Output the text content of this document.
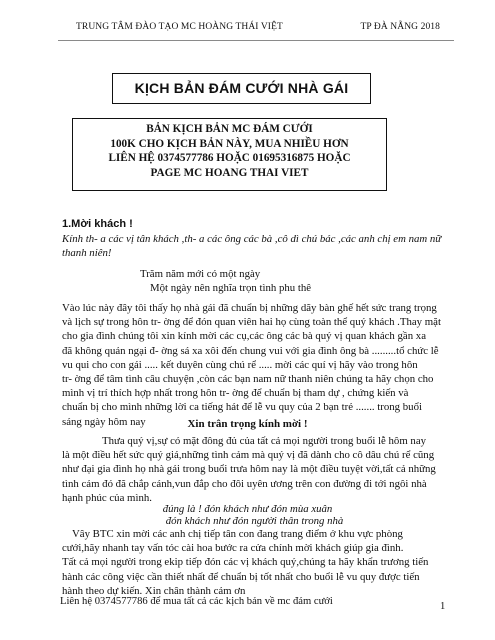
TRUNG TÂM ĐÀO TẠO MC HOÀNG THÁI VIỆT	TP ĐÀ NẴNG 2018
KỊCH BẢN ĐÁM CƯỚI NHÀ GÁI
BẢN KỊCH BẢN MC ĐÁM CƯỚI
100K CHO KỊCH BẢN NÀY, MUA NHIỀU HƠN
LIÊN HỆ 0374577786 HOẶC 01695316875 HOẶC
PAGE MC HOANG THAI VIET
1.Mời khách !
Kính th- a các vị tân khách ,th- a các ông các bà ,cô dì chú bác ,các anh chị em nam nữ
thanh niên!
Trăm năm mới có một ngày
Một ngày nên nghĩa trọn tình phu thê
Vào lúc này đây tôi thấy họ nhà gái đã chuẩn bị những dãy bàn ghế hết sức trang trọng
và lịch sự trong hôn tr- ờng để đón quan viên hai họ cùng toàn thể quý khách .Thay mặt
cho gia đình chúng tôi xin kính mời các cụ,các ông các bà quý vị quan khách gần xa
đã không quản ngại đ- ờng sá xa xôi đến chung vui với gia đình ông bà .........tổ chức lễ
vu qui cho con gái ..... kết duyên cùng chú rể ..... mời các quí vị hãy vào trong hôn
tr- ờng để tâm tình câu chuyện ,còn các bạn nam nữ thanh niên chúng ta hãy chọn cho
mình vị trí thích hợp nhất trong hôn tr- ờng để chuẩn bị tham dự , chứng kiến và
chuẩn bị cho mình những lời ca tiếng hát để lễ vu quy của 2 bạn trẻ ....... trong buổi
sáng ngày hôm nay	Xin trân trọng kính mời !
Thưa quý vị,sự có mặt đông đủ của tất cả mọi người trong buổi lễ hôm nay
là một điều hết sức quý giá,những tình cảm mà quý vị đã dành cho cô dâu chú rể cũng
như đại gia đình họ nhà gái trong buổi trưa hôm nay là một điều tuyệt vời,tất cả những
tình cảm đó đã chắp cánh,vun đắp cho đôi uyên ương trên con đường đi tới ngôi nhà
hạnh phúc của mình.
đúng là ! đón khách như đón mùa xuân
đón khách như đón người thân trong nhà
Vây BTC xin mời các anh chị tiếp tân con đang trang điểm ở khu vực phòng
cưới,hãy nhanh tay vấn tóc cài hoa bước ra cửa chính mời khách giúp gia đình.
Tất cả mọi người trong ekip tiếp đón các vị khách quý,chúng ta hãy khẩn trương tiến
hành các công việc cần thiết nhất để chuẩn bị tốt nhất cho buổi lễ vu quy được tiến
hành theo dự kiến. Xin chân thành cảm ơn
Liên hệ 0374577786 để mua tất cả các kịch bản về mc đám cưới	1
